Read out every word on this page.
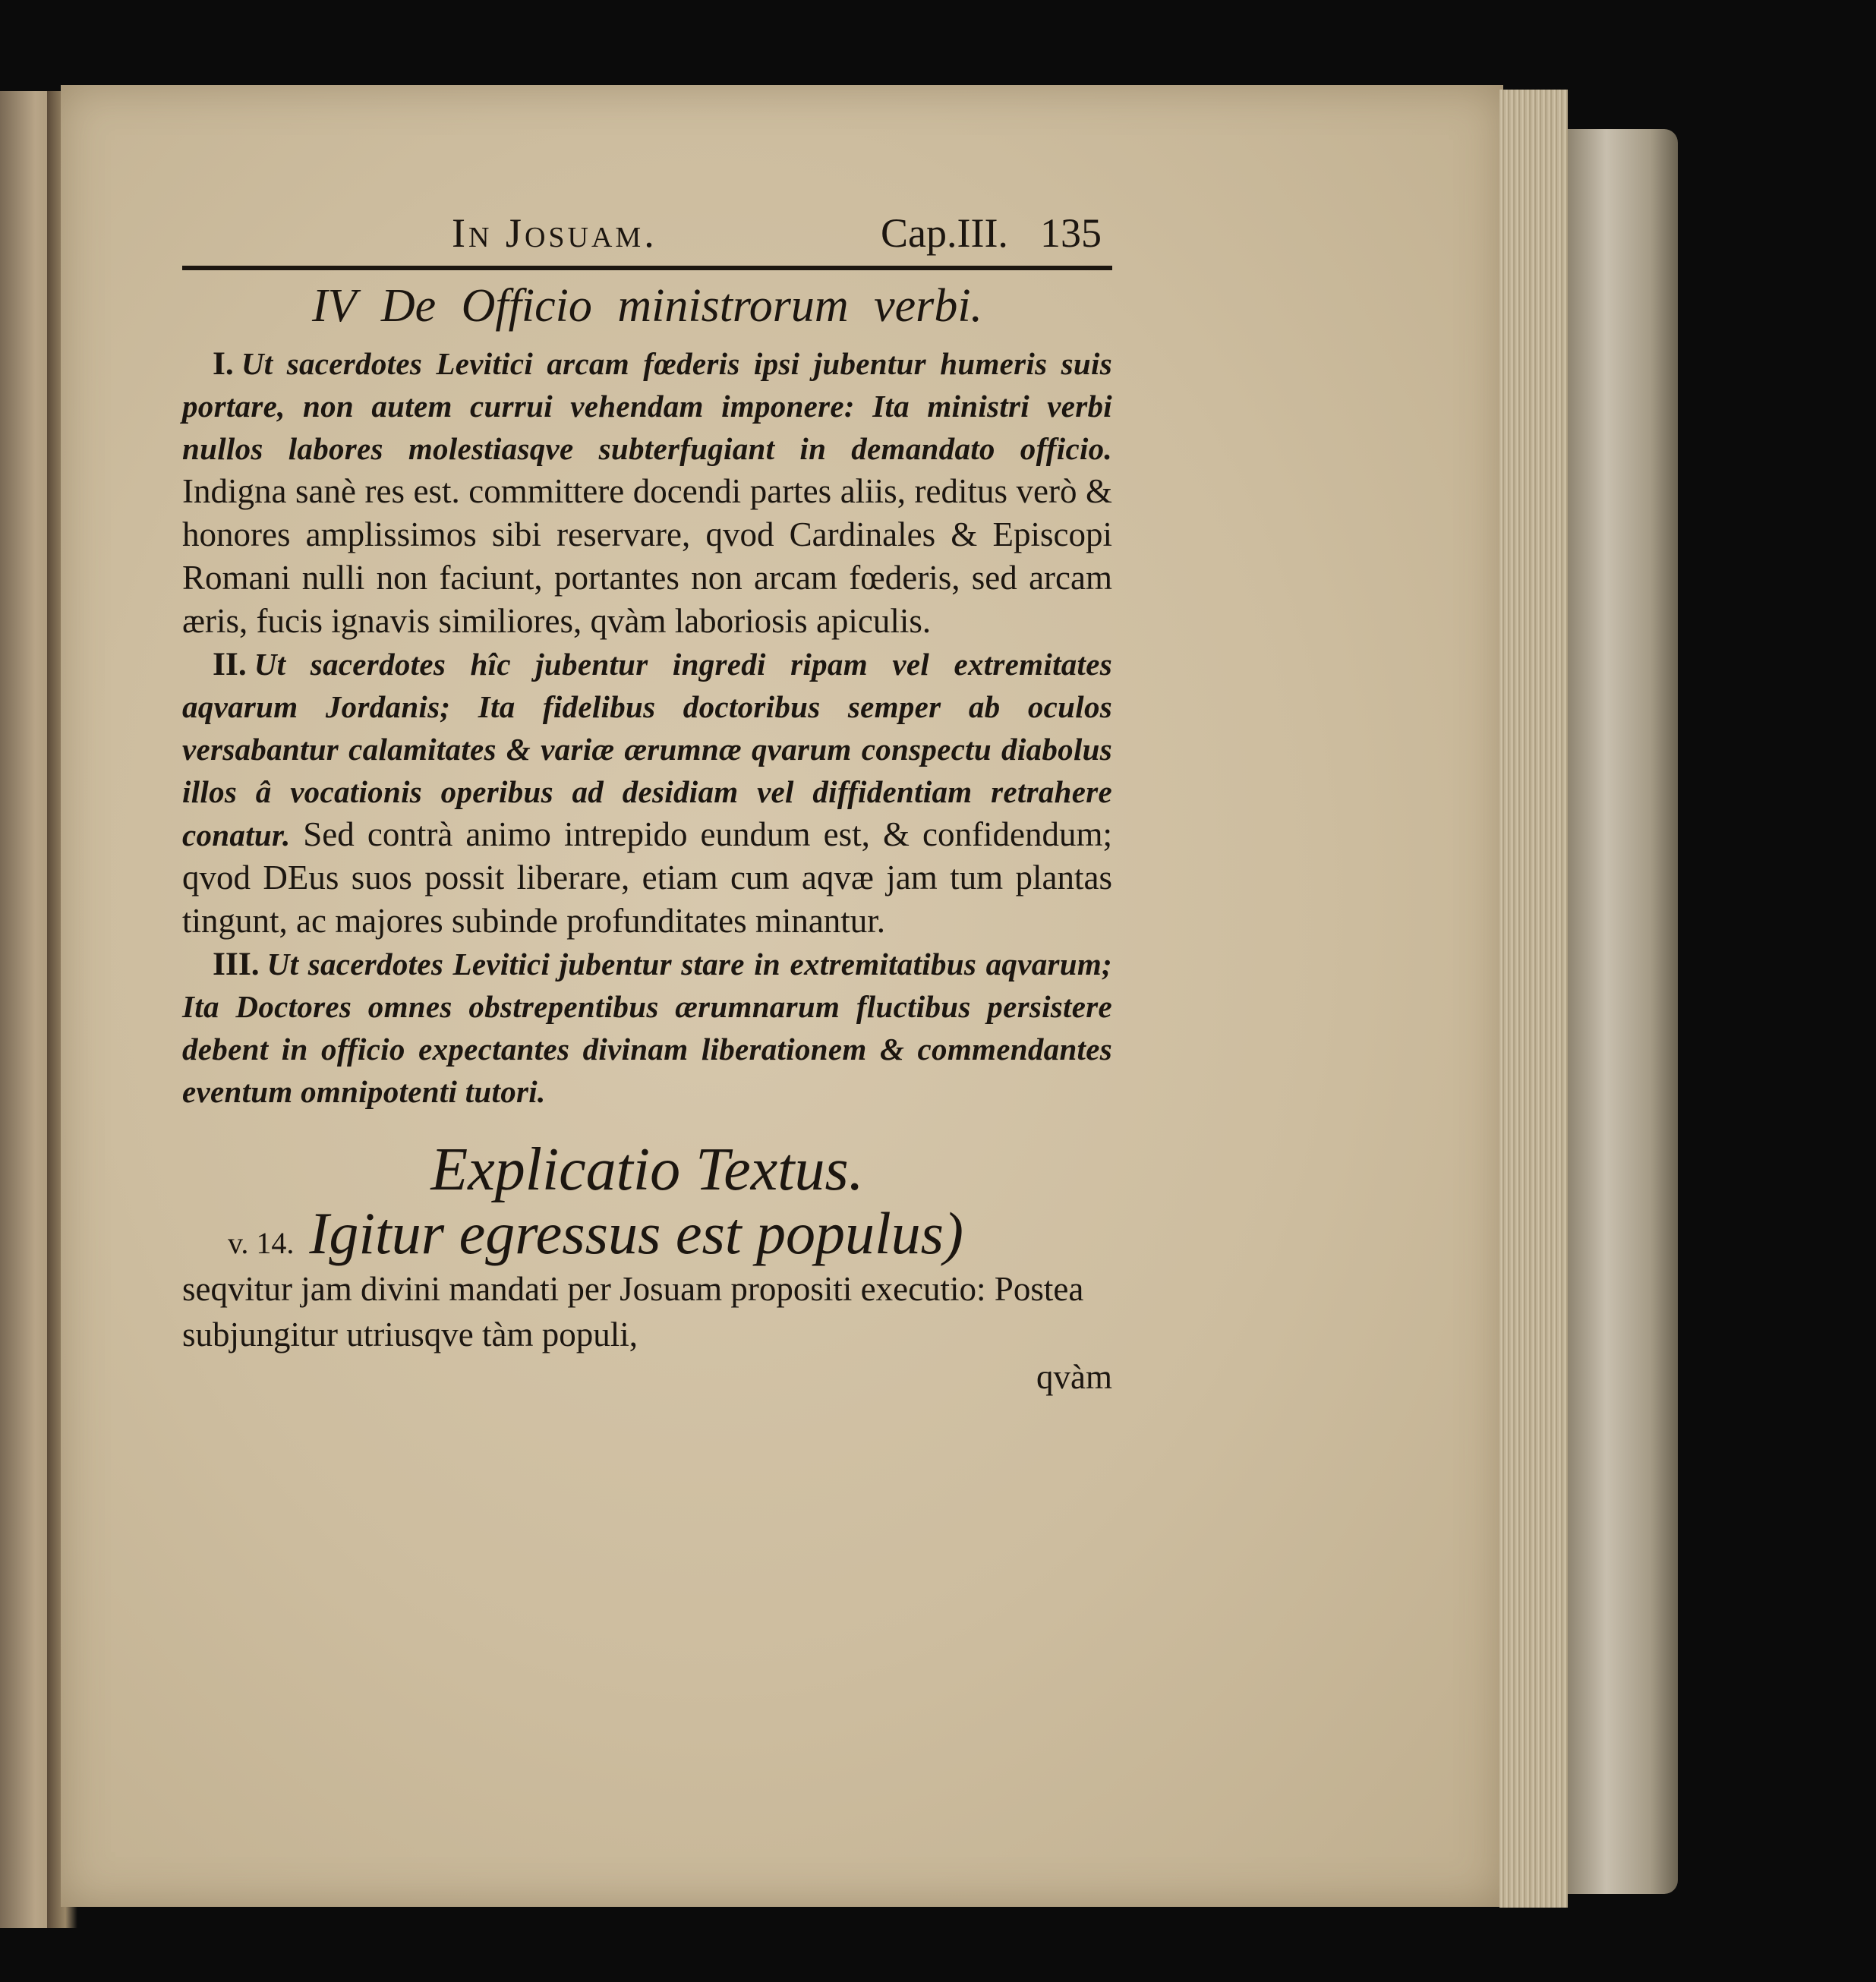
In Josuam.	Cap.III. 135
IV De Officio ministrorum verbi.

I. Ut sacerdotes Levitici arcam fœderis ipsi jubentur humeris suis portare, non autem currui vehendam imponere: Ita ministri verbi nullos labores molestiasqve subterfugiant in demandato officio. Indigna sanè res est. committere docendi partes aliis, reditus verò & honores amplissimos sibi reservare, qvod Cardinales & Episcopi Romani nulli non faciunt, portantes non arcam fœderis, sed arcam æris, fucis ignavis similiores, qvàm laboriosis apiculis.

II. Ut sacerdotes hîc jubentur ingredi ripam vel extremitates aqvarum Jordanis; Ita fidelibus doctoribus semper ab oculos versabantur calamitates & variæ ærumnæ qvarum conspectu diabolus illos â vocationis operibus ad desidiam vel diffidentiam retrahere conatur. Sed contrà animo intrepido eundum est, & confidendum; qvod DEus suos possit liberare, etiam cum aqvæ jam tum plantas tingunt, ac majores subinde profunditates minantur.

III. Ut sacerdotes Levitici jubentur stare in extremitatibus aqvarum; Ita Doctores omnes obstrepentibus ærumnarum fluctibus persistere debent in officio expectantes divinam liberationem & commendantes eventum omnipotenti tutori.

Explicatio Textus.

v. 14. Igitur egressus est populus)
seqvitur jam divini mandati per Josuam propositi executio: Postea subjungitur utriusqve tàm populi,

qvàm
